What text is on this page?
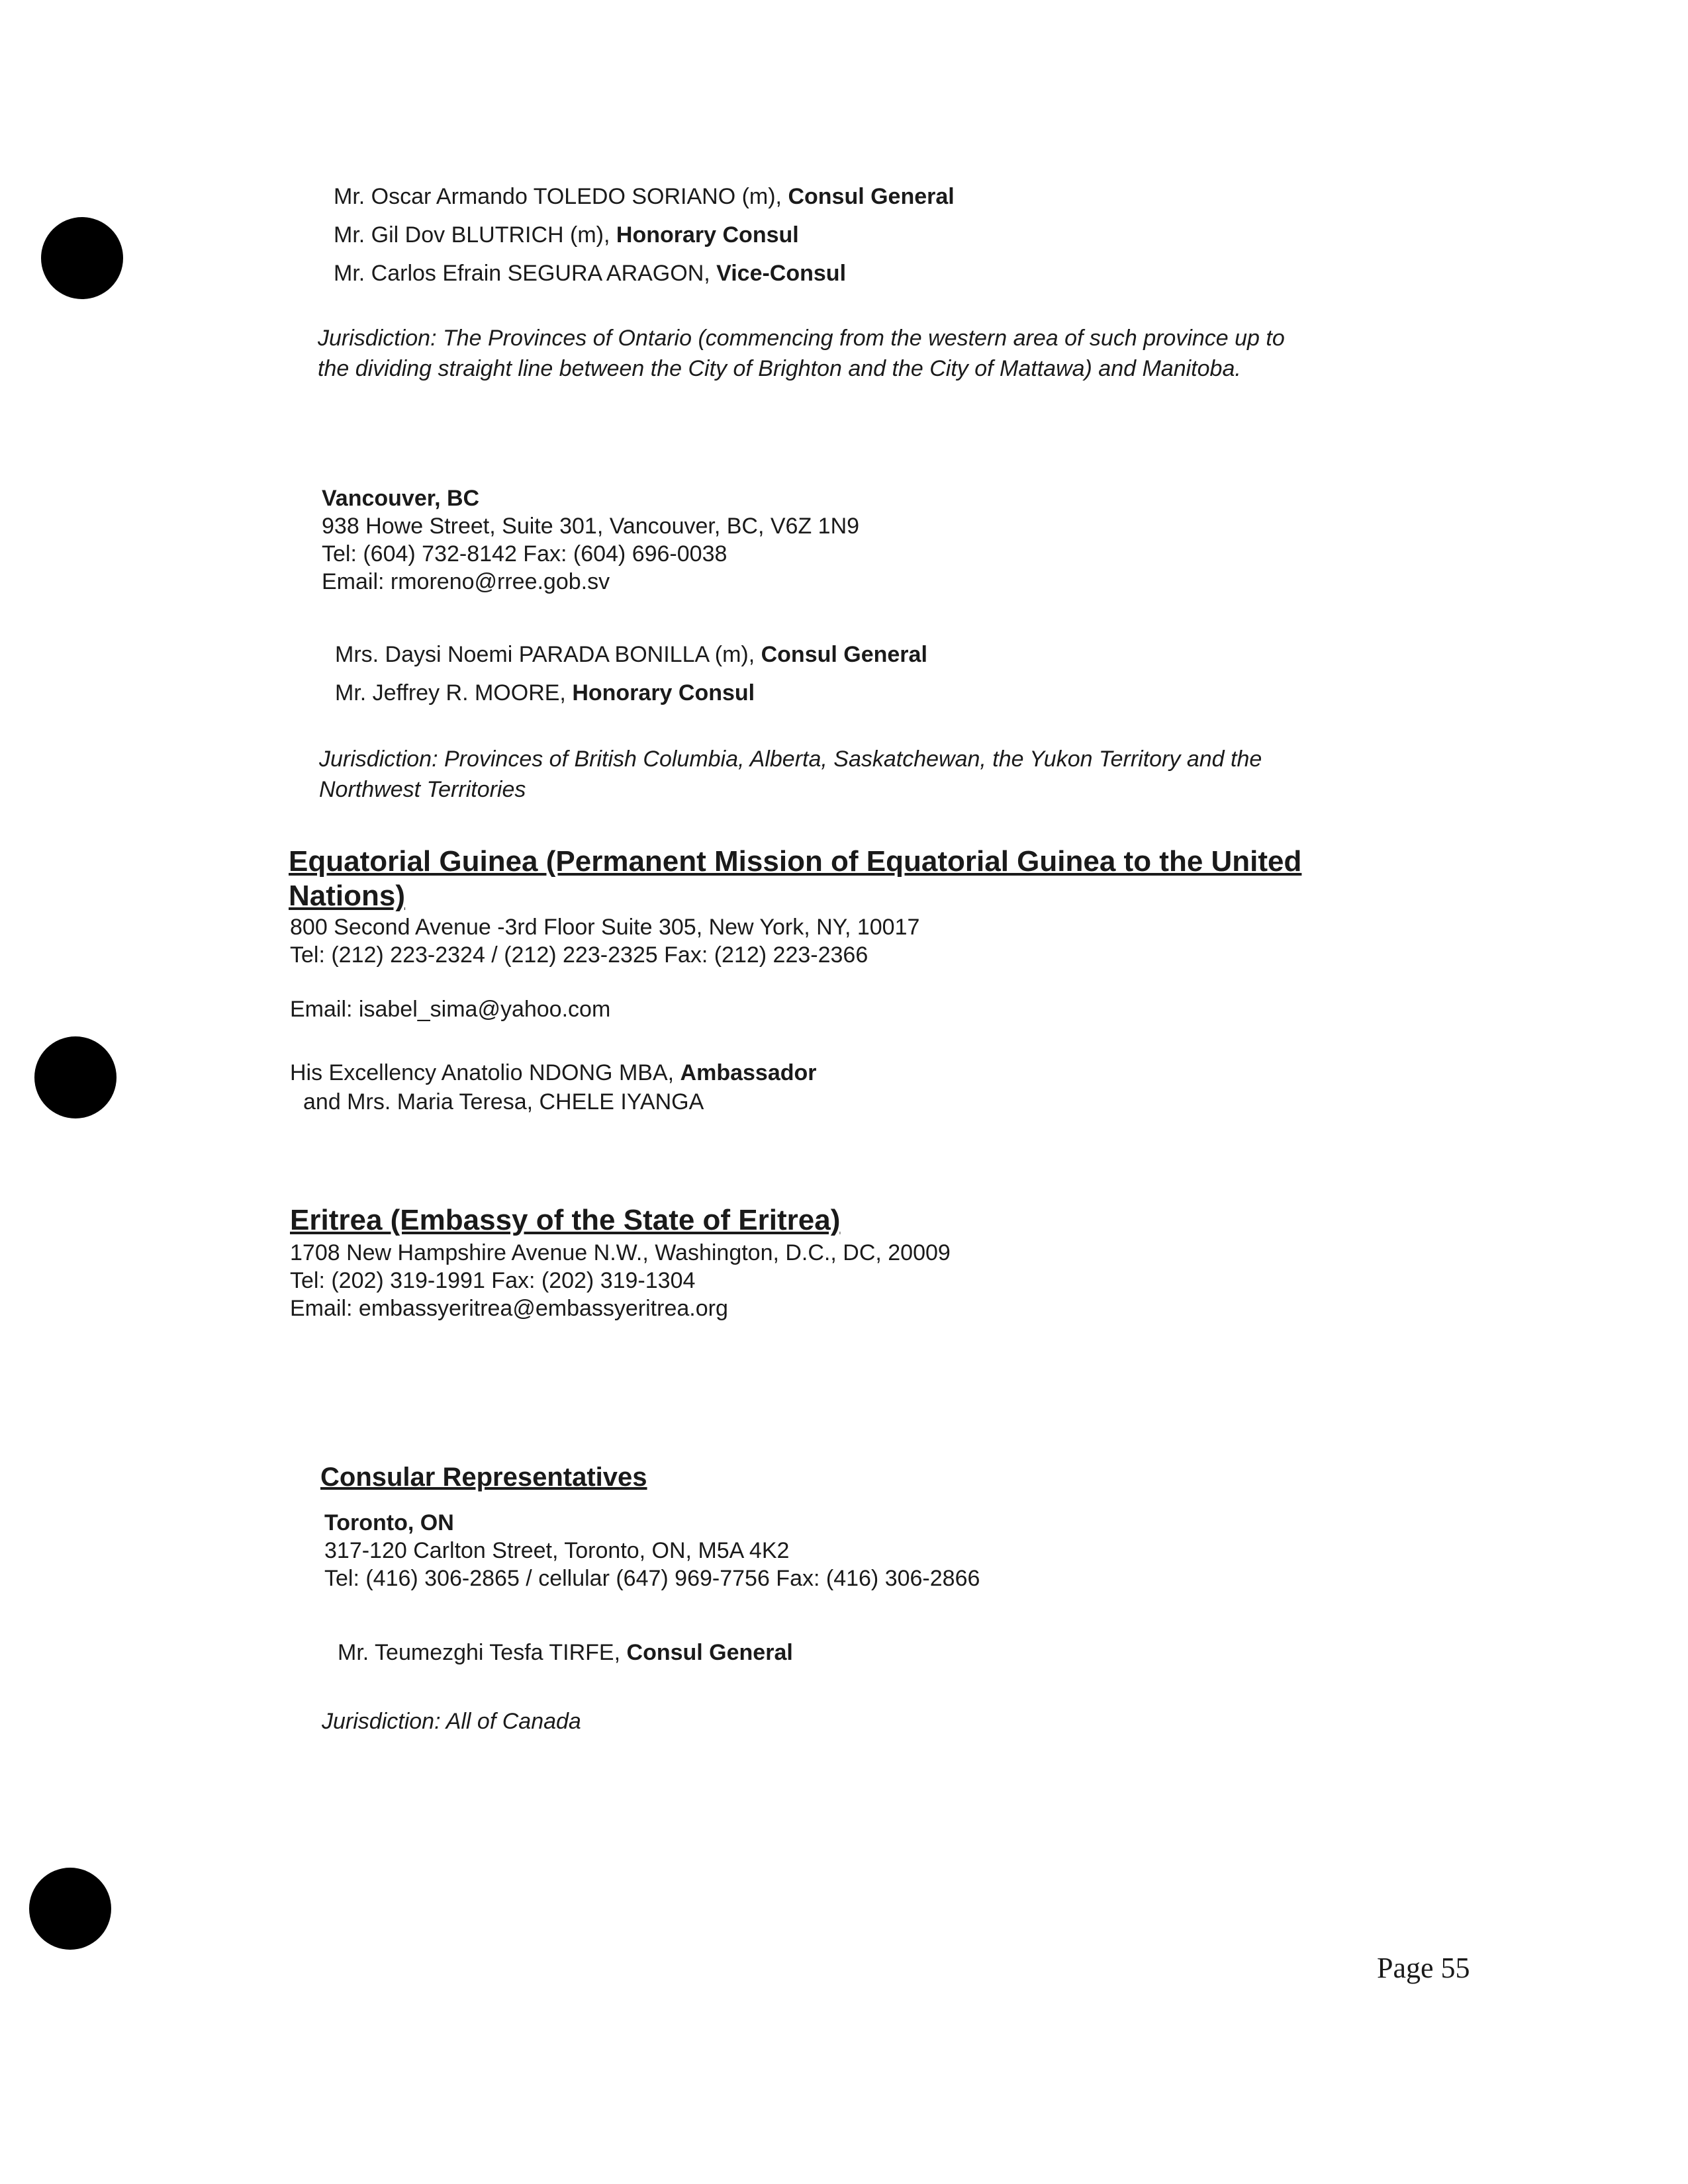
Mr. Oscar Armando TOLEDO SORIANO (m), Consul General
Mr. Gil Dov BLUTRICH (m), Honorary Consul
Mr. Carlos Efrain SEGURA ARAGON, Vice-Consul
Jurisdiction: The Provinces of Ontario (commencing from the western area of such province up to
the dividing straight line between the City of Brighton and the City of Mattawa) and Manitoba.
Vancouver, BC
938 Howe Street, Suite 301, Vancouver, BC, V6Z 1N9
Tel: (604) 732-8142 Fax: (604) 696-0038
Email: rmoreno@rree.gob.sv
Mrs. Daysi Noemi PARADA BONILLA (m), Consul General
Mr. Jeffrey R. MOORE, Honorary Consul
Jurisdiction: Provinces of British Columbia, Alberta, Saskatchewan, the Yukon Territory and the
Northwest Territories
Equatorial Guinea (Permanent Mission of Equatorial Guinea to the United
Nations)
800 Second Avenue -3rd Floor Suite 305, New York, NY, 10017
Tel: (212) 223-2324 / (212) 223-2325 Fax: (212) 223-2366
Email: isabel_sima@yahoo.com
His Excellency Anatolio NDONG MBA, Ambassador
and Mrs. Maria Teresa, CHELE IYANGA
Eritrea (Embassy of the State of Eritrea)
1708 New Hampshire Avenue N.W., Washington, D.C., DC, 20009
Tel: (202) 319-1991 Fax: (202) 319-1304
Email: embassyeritrea@embassyeritrea.org
Consular Representatives
Toronto, ON
317-120 Carlton Street, Toronto, ON, M5A 4K2
Tel: (416) 306-2865 / cellular (647) 969-7756 Fax: (416) 306-2866
Mr. Teumezghi Tesfa TIRFE, Consul General
Jurisdiction: All of Canada
Page 55
